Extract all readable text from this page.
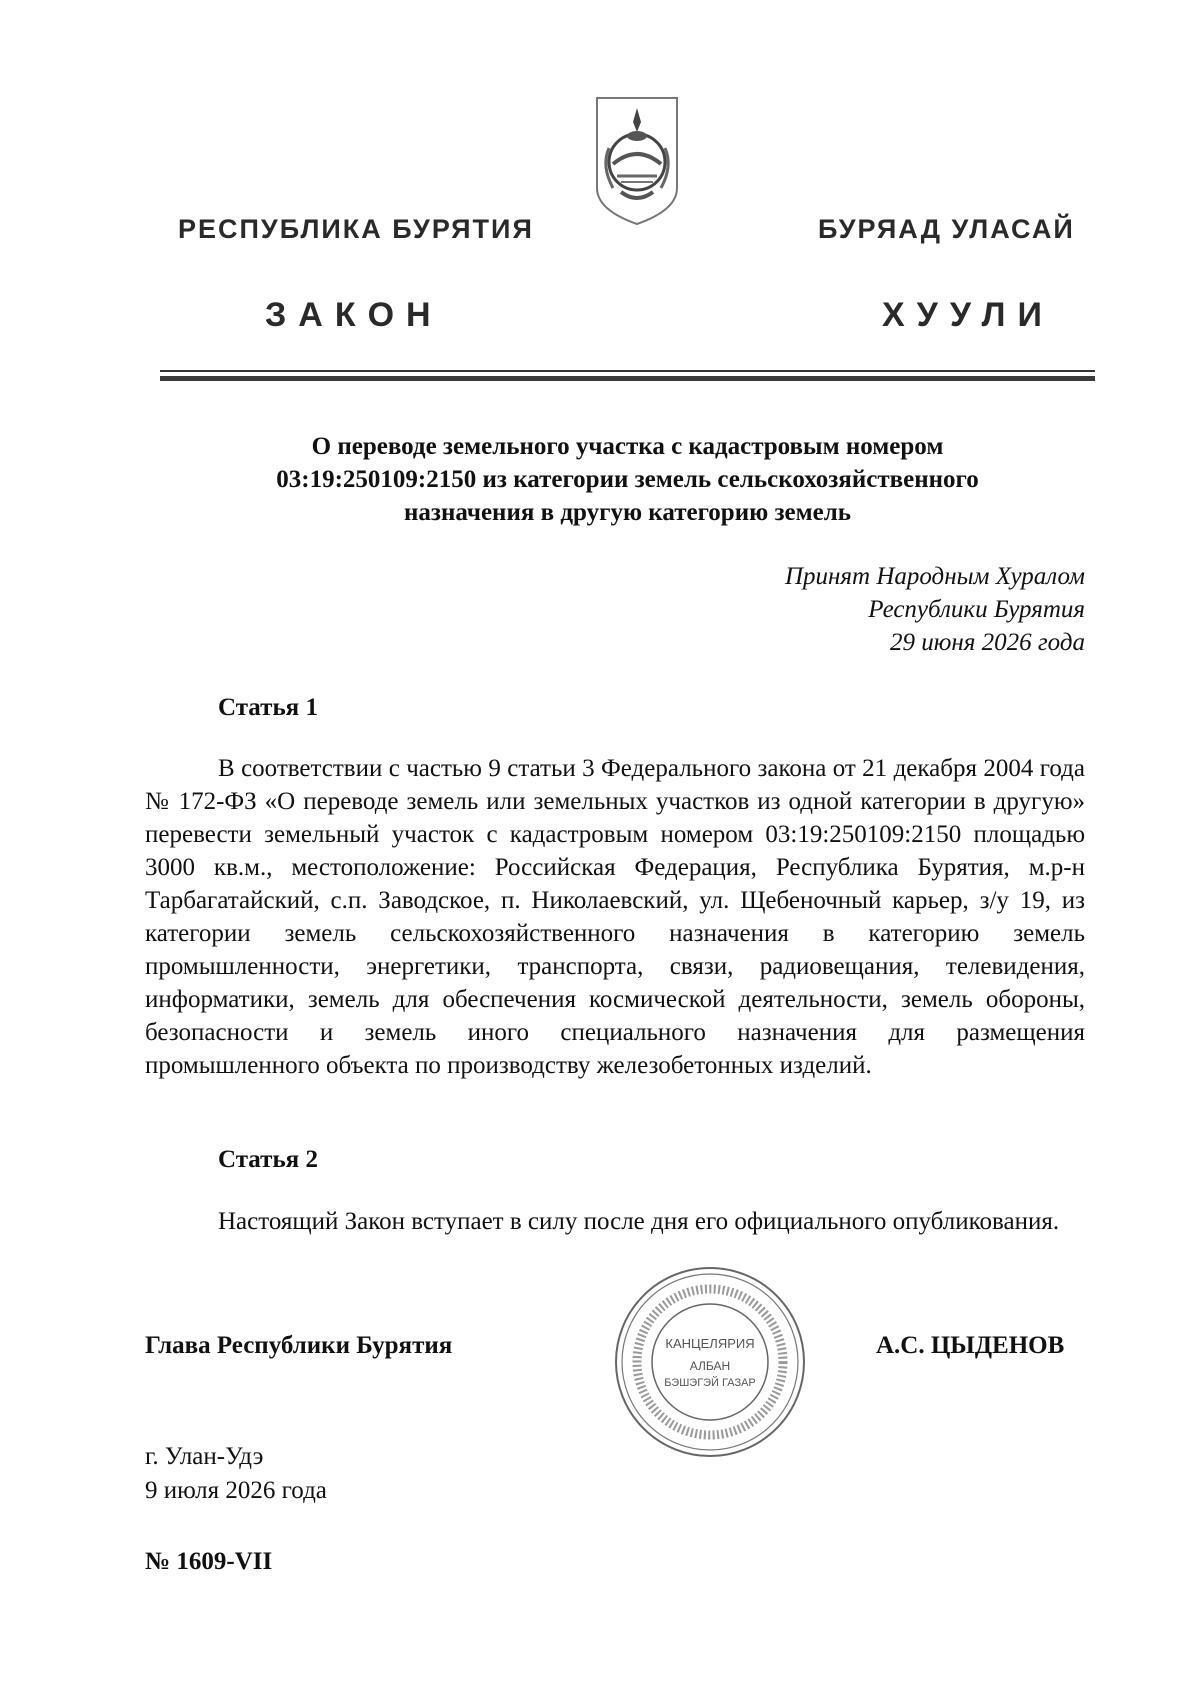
РЕСПУБЛИКА БУРЯТИЯ	БУРЯАД УЛАСАЙ
ЗАКОН	ХУУЛИ
О переводе земельного участка с кадастровым номером
03:19:250109:2150 из категории земель сельскохозяйственного
назначения в другую категорию земель
Принят Народным Хуралом
Республики Бурятия
29 июня 2026 года
Статья 1
В соответствии с частью 9 статьи 3 Федерального закона от 21 декабря 2004 года № 172-ФЗ «О переводе земель или земельных участков из одной категории в другую» перевести земельный участок с кадастровым номером 03:19:250109:2150 площадью 3000 кв.м., местоположение: Российская Федерация, Республика Бурятия, м.р-н Тарбагатайский, с.п. Заводское, п. Николаевский, ул. Щебеночный карьер, з/у 19, из категории земель сельскохозяйственного назначения в категорию земель промышленности, энергетики, транспорта, связи, радиовещания, телевидения, информатики, земель для обеспечения космической деятельности, земель обороны, безопасности и земель иного специального назначения для размещения промышленного объекта по производству железобетонных изделий.
Статья 2
Настоящий Закон вступает в силу после дня его официального опубликования.
Глава Республики Бурятия	КАНЦЕЛЯРИЯ
АЛБАН
БЭШЭГЭЙ ГАЗАР
А.С. ЦЫДЕНОВ
г. Улан-Удэ
9 июля 2026 года
№ 1609-VII
